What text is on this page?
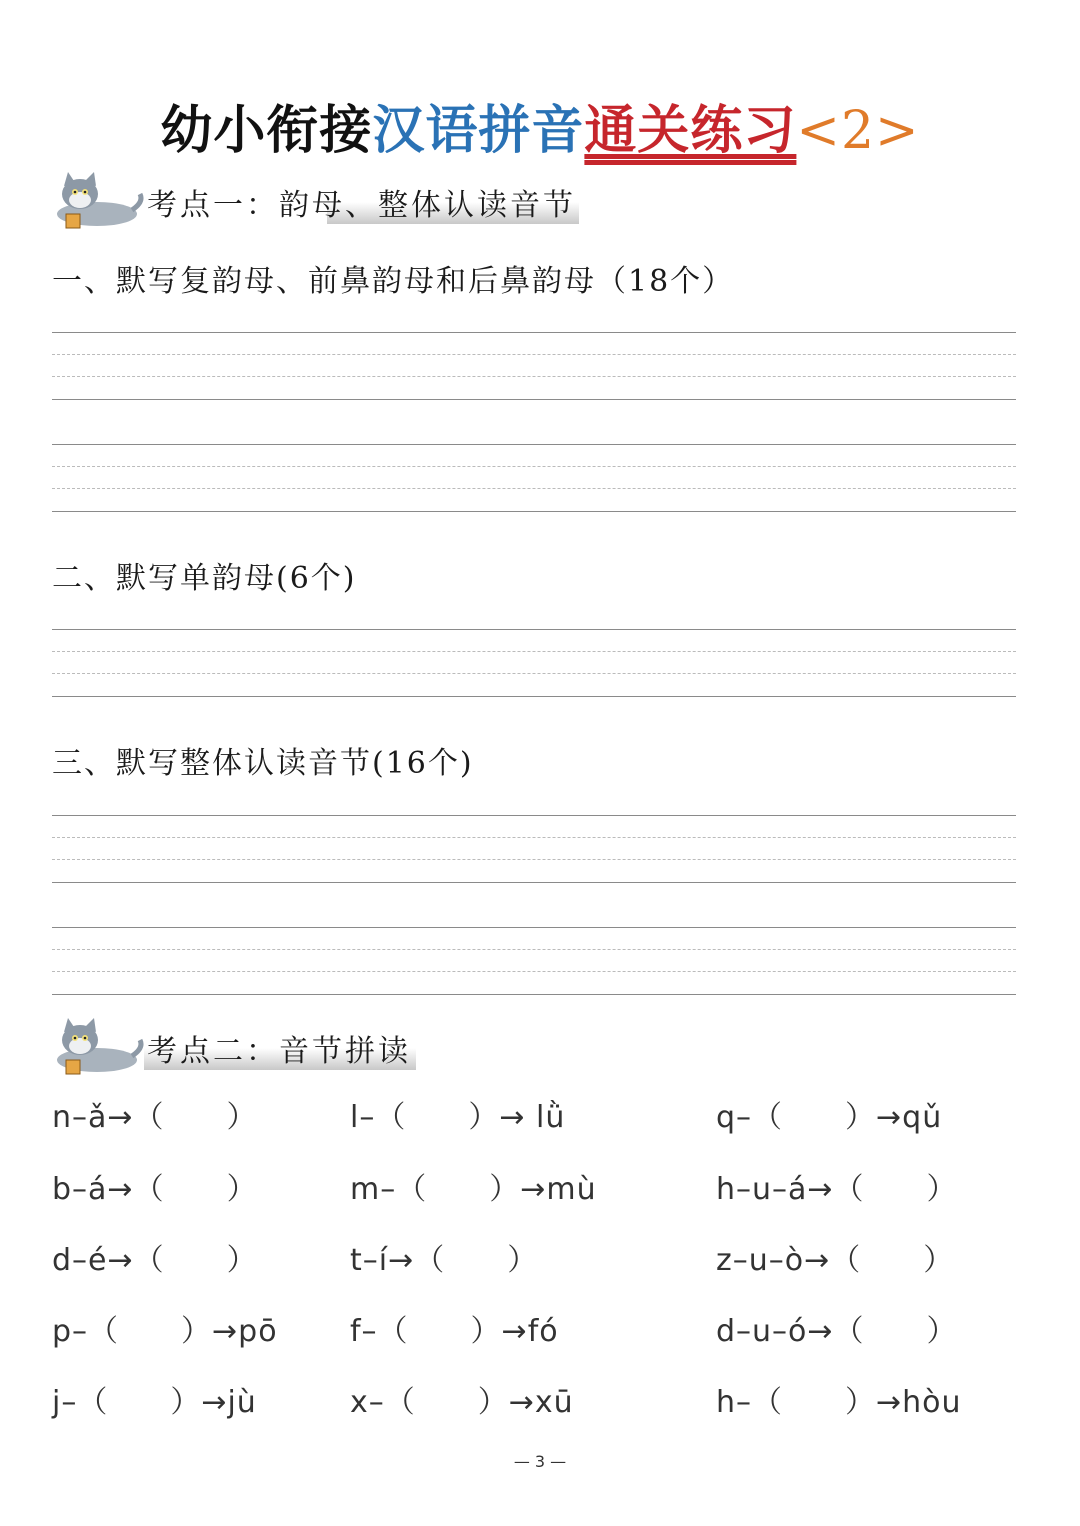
幼小衔接汉语拼音通关练习<2>
考点一：韵母、整体认读音节
一、默写复韵母、前鼻韵母和后鼻韵母（18个）
二、默写单韵母(6个)
三、默写整体认读音节(16个)
考点二：音节拼读
n–ǎ→（　　）	l–（　　）→ lǜ	q–（　　）→qǔ
b–á→（　　）	m–（　　）→mù	h–u–á→（　　）
d–é→（　　）	t–í→（　　）	z–u–ò→（　　）
p–（　　）→pō f–（　　）→fó	d–u–ó→（　　）
j–（　　）→jù	x–（　　）→xū	h–（　　）→hòu
— 3 —
